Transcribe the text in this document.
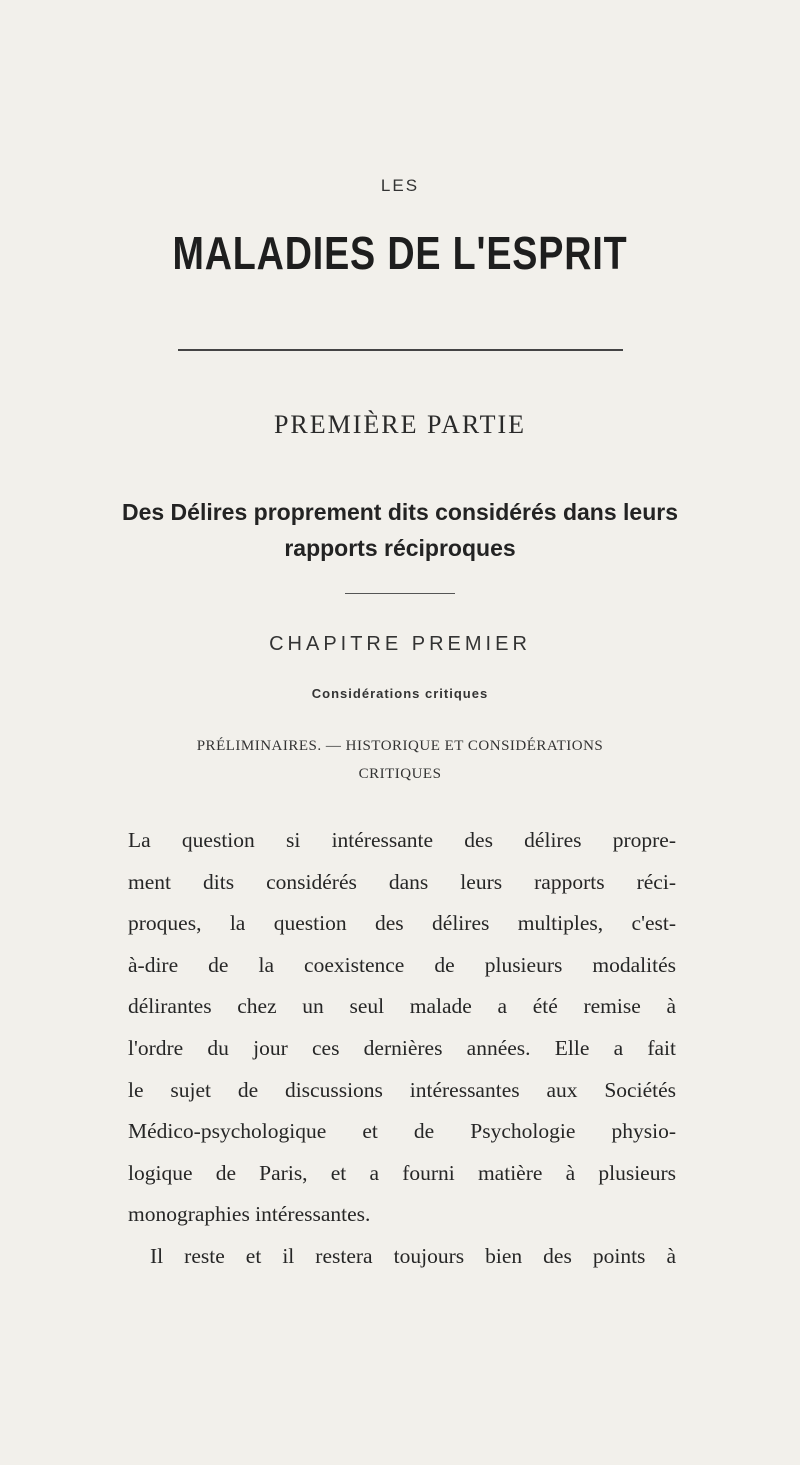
LES
MALADIES DE L'ESPRIT
PREMIÈRE PARTIE
Des Délires proprement dits considérés dans leurs
rapports réciproques
CHAPITRE PREMIER
Considérations critiques
PRÉLIMINAIRES. — HISTORIQUE ET CONSIDÉRATIONS
CRITIQUES
La question si intéressante des délires propre-
ment dits considérés dans leurs rapports réci-
proques, la question des délires multiples, c'est-
à-dire de la coexistence de plusieurs modalités
délirantes chez un seul malade a été remise à
l'ordre du jour ces dernières années. Elle a fait
le sujet de discussions intéressantes aux Sociétés
Médico-psychologique et de Psychologie physio-
logique de Paris, et a fourni matière à plusieurs
monographies intéressantes.
Il reste et il restera toujours bien des points à
